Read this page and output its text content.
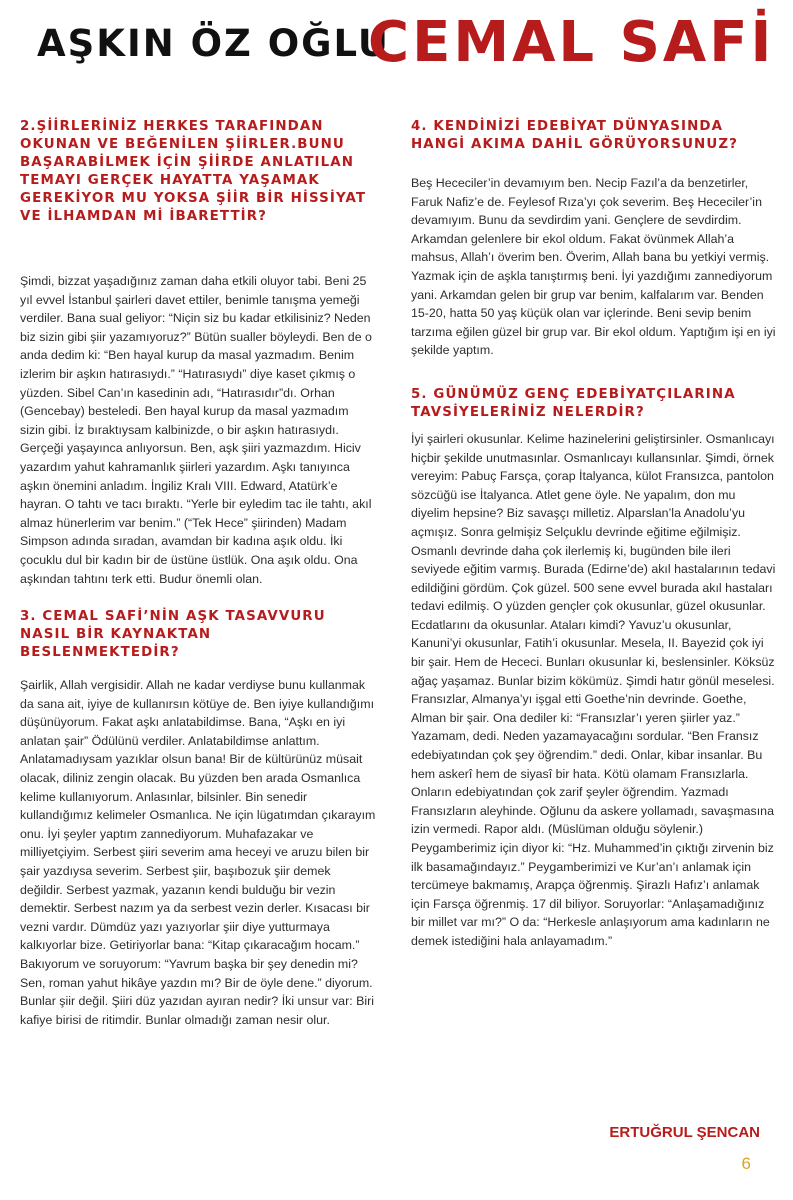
AŞKIN ÖZ OĞLU
CEMAL SAFİ
2.ŞİİRLERİNİZ HERKES TARAFINDAN OKUNAN VE BEĞENİLEN ŞİİRLER.BUNU BAŞARABİLMEK İÇİN ŞİİRDE ANLATILAN TEMAYI GERÇEK HAYATTA YAŞAMAK GEREKİYOR MU YOKSA ŞİİR BİR HİSSİYAT VE İLHAMDAN Mİ İBARETTİR?

Şimdi, bizzat yaşadığınız zaman daha etkili oluyor tabi. Beni 25 yıl evvel İstanbul şairleri davet ettiler, benimle tanışma yemeği verdiler. Bana sual geliyor: “Niçin siz bu kadar etkilisiniz? Neden biz sizin gibi şiir yazamıyoruz?” Bütün sualler böyleydi. Ben de o anda dedim ki: “Ben hayal kurup da masal yazmadım. Benim izlerim bir aşkın hatırasıydı.” “Hatırasıydı” diye kaset çıkmış o yüzden. Sibel Can’ın kasedinin adı, “Hatırasıdır”dı. Orhan (Gencebay) besteledi. Ben hayal kurup da masal yazmadım sizin gibi. İz bıraktıysam kalbinizde, o bir aşkın hatırasıydı. Gerçeği yaşayınca anlıyorsun. Ben, aşk şiiri yazmazdım. Hiciv yazardım yahut kahramanlık şiirleri yazardım. Aşkı tanıyınca aşkın önemini anladım. İngiliz Kralı VIII. Edward, Atatürk’e hayran. O tahtı ve tacı bıraktı. “Yerle bir eyledim tac ile tahtı, akıl almaz hünerlerim var benim.” (“Tek Hece” şiirinden) Madam Simpson adında sıradan, avamdan bir kadına aşık oldu. İki çocuklu dul bir kadın bir de üstüne üstlük. Ona aşık oldu. Ona aşkından tahtını terk etti. Budur önemli olan.

3. CEMAL SAFİ’NİN AŞK TASAVVURU NASIL BİR KAYNAKTAN BESLENMEKTEDİR?

Şairlik, Allah vergisidir. Allah ne kadar verdiyse bunu kullanmak da sana ait, iyiye de kullanırsın kötüye de. Ben iyiye kullandığımı düşünüyorum. Fakat aşkı anlatabildimse. Bana, “Aşkı en iyi anlatan şair” Ödülünü verdiler. Anlatabildimse anlattım. Anlatamadıysam yazıklar olsun bana! Bir de kültürünüz müsait olacak, diliniz zengin olacak. Bu yüzden ben arada Osmanlıca kelime kullanıyorum. Anlasınlar, bilsinler. Bin senedir kullandığımız kelimeler Osmanlıca. Ne için lügatımdan çıkarayım onu. İyi şeyler yaptım zannediyorum. Muhafazakar ve milliyetçiyim. Serbest şiiri severim ama heceyi ve aruzu bilen bir şair yazdıysa severim. Serbest şiir, başıbozuk şiir demek değildir. Serbest yazmak, yazanın kendi bulduğu bir vezin demektir. Serbest nazım ya da serbest vezin derler. Kısacası bir vezni vardır. Dümdüz yazı yazıyorlar şiir diye yutturmaya kalkıyorlar bize. Getiriyorlar bana: “Kitap çıkaracağım hocam.” Bakıyorum ve soruyorum: “Yavrum başka bir şey denedin mi? Sen, roman yahut hikâye yazdın mı? Bir de öyle dene.” diyorum. Bunlar şiir değil. Şiiri düz yazıdan ayıran nedir? İki unsur var: Biri kafiye birisi de ritimdir. Bunlar olmadığı zaman nesir olur.

4. KENDİNİZİ EDEBİYAT DÜNYASINDA HANGİ AKIMA DAHİL GÖRÜYORSUNUZ?

Beş Hececiler’in devamıyım ben. Necip Fazıl’a da benzetirler, Faruk Nafiz’e de. Feylesof Rıza’yı çok severim. Beş Hececiler’in devamıyım. Bunu da sevdirdim yani. Gençlere de sevdirdim. Arkamdan gelenlere bir ekol oldum. Fakat övünmek Allah’a mahsus, Allah’ı överim ben. Överim, Allah bana bu yetkiyi vermiş. Yazmak için de aşkla tanıştırmış beni. İyi yazdığımı zannediyorum yani. Arkamdan gelen bir grup var benim, kalfalarım var. Benden 15-20, hatta 50 yaş küçük olan var içlerinde. Beni sevip benim tarzıma eğilen güzel bir grup var. Bir ekol oldum. Yaptığım işi en iyi şekilde yaptım.

5. GÜNÜMÜZ GENÇ EDEBİYATÇILARINA TAVSİYELERİNİZ NELERDİR?

İyi şairleri okusunlar. Kelime hazinelerini geliştirsinler. Osmanlıcayı hiçbir şekilde unutmasınlar. Osmanlıcayı kullansınlar. Şimdi, örnek vereyim: Pabuç Farsça, çorap İtalyanca, külot Fransızca, pantolon sözcüğü ise İtalyanca. Atlet gene öyle. Ne yapalım, don mu diyelim hepsine? Biz savaşçı milletiz. Alparslan’la Anadolu’yu açmışız. Sonra gelmişiz Selçuklu devrinde eğitime eğilmişiz. Osmanlı devrinde daha çok ilerlemiş ki, bugünden bile ileri seviyede eğitim varmış. Burada (Edirne’de) akıl hastalarının tedavi edildiğini gördüm. Çok güzel. 500 sene evvel burada akıl hastaları tedavi edilmiş. O yüzden gençler çok okusunlar, güzel okusunlar. Ecdatlarını da okusunlar. Ataları kimdi? Yavuz’u okusunlar, Kanuni’yi okusunlar, Fatih’i okusunlar. Mesela, II. Bayezid çok iyi bir şair. Hem de Hececi. Bunları okusunlar ki, beslensinler. Köksüz ağaç yaşamaz. Bunlar bizim kökümüz. Şimdi hatır gönül meselesi. Fransızlar, Almanya’yı işgal etti Goethe’nin devrinde. Goethe, Alman bir şair. Ona dediler ki: “Fransızlar’ı yeren şiirler yaz.” Yazamam, dedi. Neden yazamayacağını sordular. “Ben Fransız edebiyatından çok şey öğrendim.” dedi. Onlar, kibar insanlar. Bu hem askerî hem de siyasî bir hata. Kötü olamam Fransızlarla. Onların edebiyatından çok zarif şeyler öğrendim. Yazmadı Fransızların aleyhinde. Oğlunu da askere yollamadı, savaşmasına izin vermedi. Rapor aldı. (Müslüman olduğu söylenir.) Peygamberimiz için diyor ki: “Hz. Muhammed’in çıktığı zirvenin biz ilk basamağındayız.” Peygamberimizi ve Kur’an’ı anlamak için tercümeye bakmamış, Arapça öğrenmiş. Şirazlı Hafız’ı anlamak için Farsça öğrenmiş. 17 dil biliyor. Soruyorlar: “Anlaşamadığınız bir millet var mı?” O da: “Herkesle anlaşıyorum ama kadınların ne demek istediğini hala anlayamadım.”

ERTUĞRUL ŞENCAN
6
